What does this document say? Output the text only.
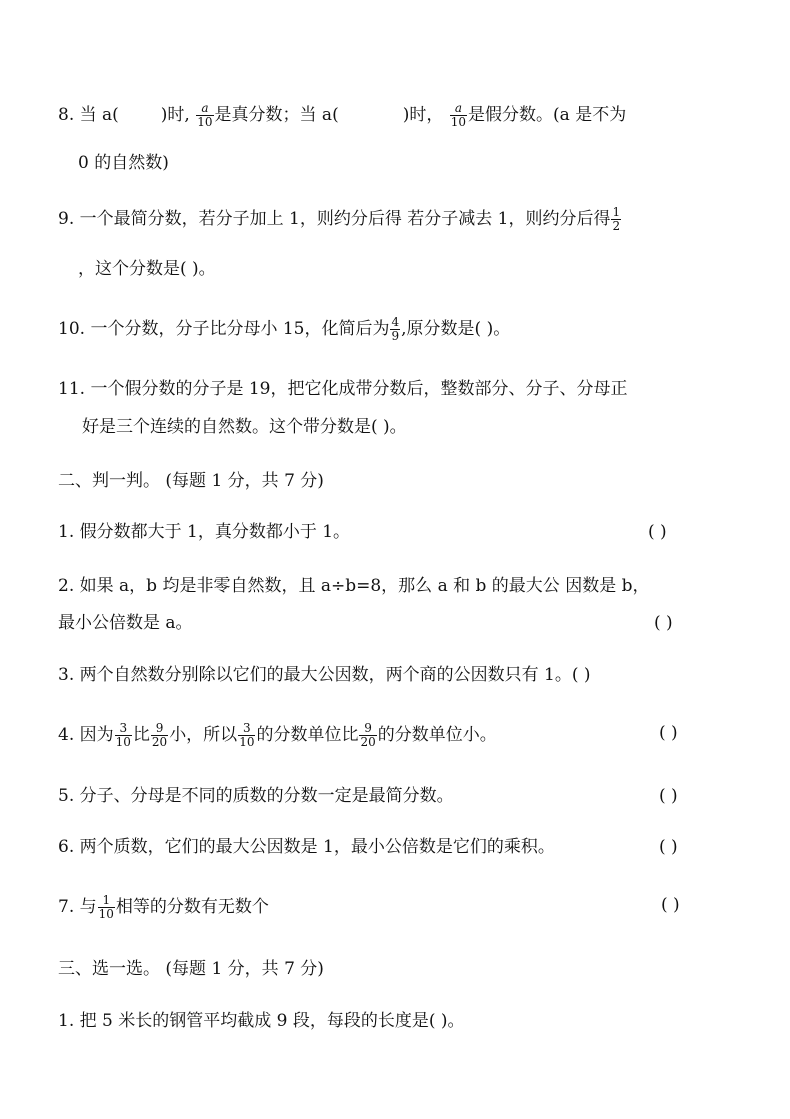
8. 当 a( )时, $\frac{a}{10}$ 是真分数；当 a(	)时， $\frac{a}{10}$ 是假分数。(a 是不为
0 的自然数)
9. 一个最简分数，若分子加上 1，则约分后得 若分子减去 1，则约分后得 $\frac{1}{2}$
，这个分数是( )。
10. 一个分数，分子比分母小 15，化简后为 $\frac{4}{9}$ ,原分数是( )。
11. 一个假分数的分子是 19，把它化成带分数后，整数部分、分子、分母正
好是三个连续的自然数。这个带分数是( )。
二、判一判。 (每题 1 分，共 7 分)
1. 假分数都大于 1，真分数都小于 1。	( )
2. 如果 a，b 均是非零自然数，且 a÷b=8，那么 a 和 b 的最大公 因数是 b，
最小公倍数是 a。	( )
3. 两个自然数分别除以它们的最大公因数，两个商的公因数只有 1。( )
4. 因为 $\frac{3}{10}$ 比 $\frac{9}{20}$ 小，所以 $\frac{3}{10}$ 的分数单位比 $\frac{9}{20}$ 的分数单位小。	( )
5. 分子、分母是不同的质数的分数一定是最简分数。	( )
6. 两个质数，它们的最大公因数是 1，最小公倍数是它们的乘积。	( )
7. 与 $\frac{1}{10}$ 相等的分数有无数个	( )
三、选一选。 (每题 1 分，共 7 分)
1. 把 5 米长的钢管平均截成 9 段，每段的长度是( )。
